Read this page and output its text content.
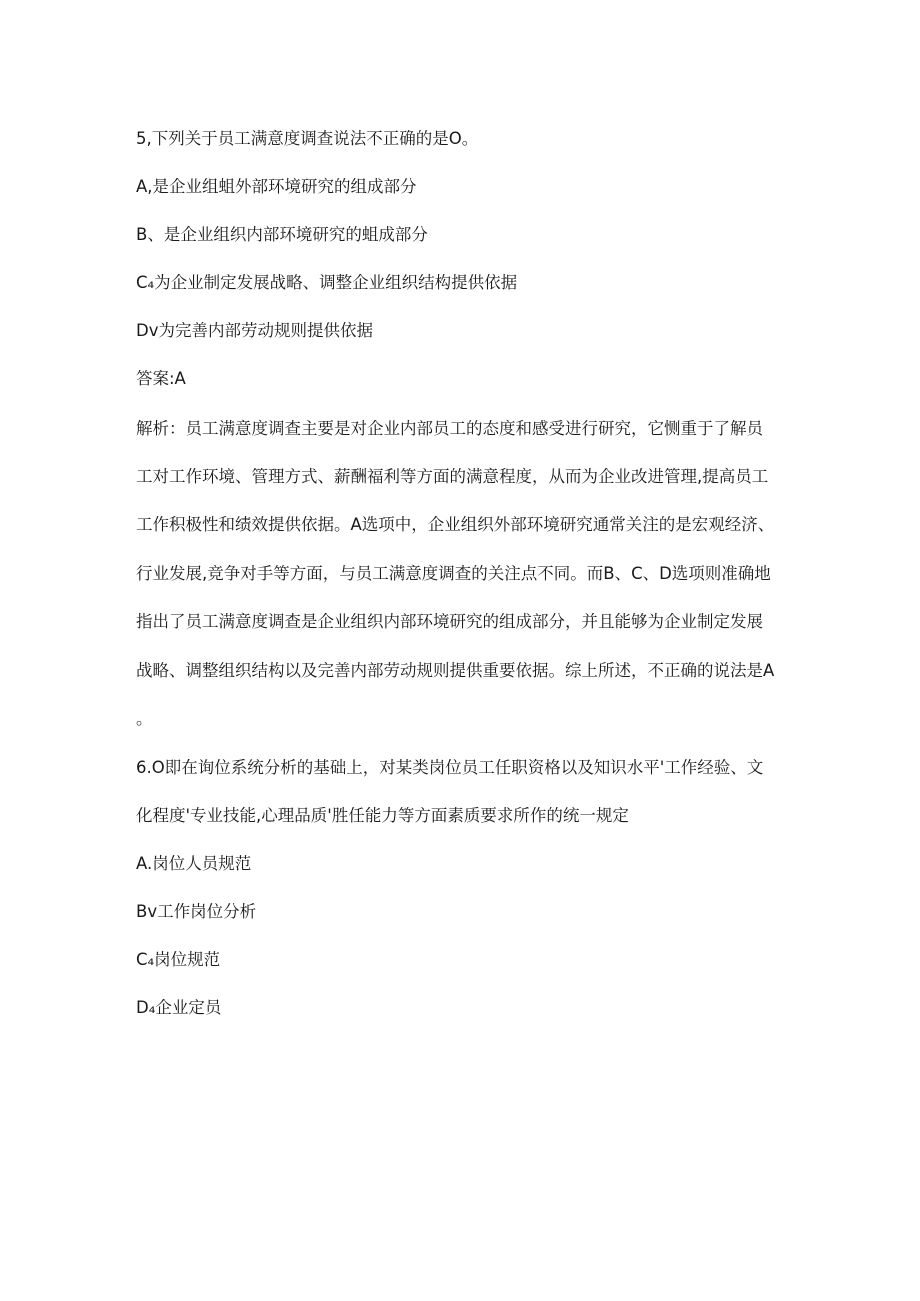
5,下列关于员工满意度调查说法不正确的是O。
A,是企业组蛆外部环境研究的组成部分
B、是企业组织内部环境研究的蛆成部分
C₄为企业制定发展战略、调整企业组织结构提供依据
Dv为完善内部劳动规则提供依据
答案:A
解析：员工满意度调查主要是对企业内部员工的态度和感受进行研究，它恻重于了解员
工对工作环境、管理方式、薪酬福利等方面的满意程度，从而为企业改进管理,提高员工
工作积极性和绩效提供依据。A选项中，企业组织外部环境研究通常关注的是宏观经济、
行业发展,竞争对手等方面，与员工满意度调查的关注点不同。而B、C、D选项则准确地
指出了员工满意度调查是企业组织内部环境研究的组成部分，并且能够为企业制定发展
战略、调整组织结构以及完善内部劳动规则提供重要依据。综上所述，不正确的说法是A
。
6.O即在询位系统分析的基础上，对某类岗位员工任职资格以及知识水平'工作经验、文
化程度'专业技能,心理品质'胜任能力等方面素质要求所作的统一规定
A.岗位人员规范
Bv工作岗位分析
C₄岗位规范
D₄企业定员
